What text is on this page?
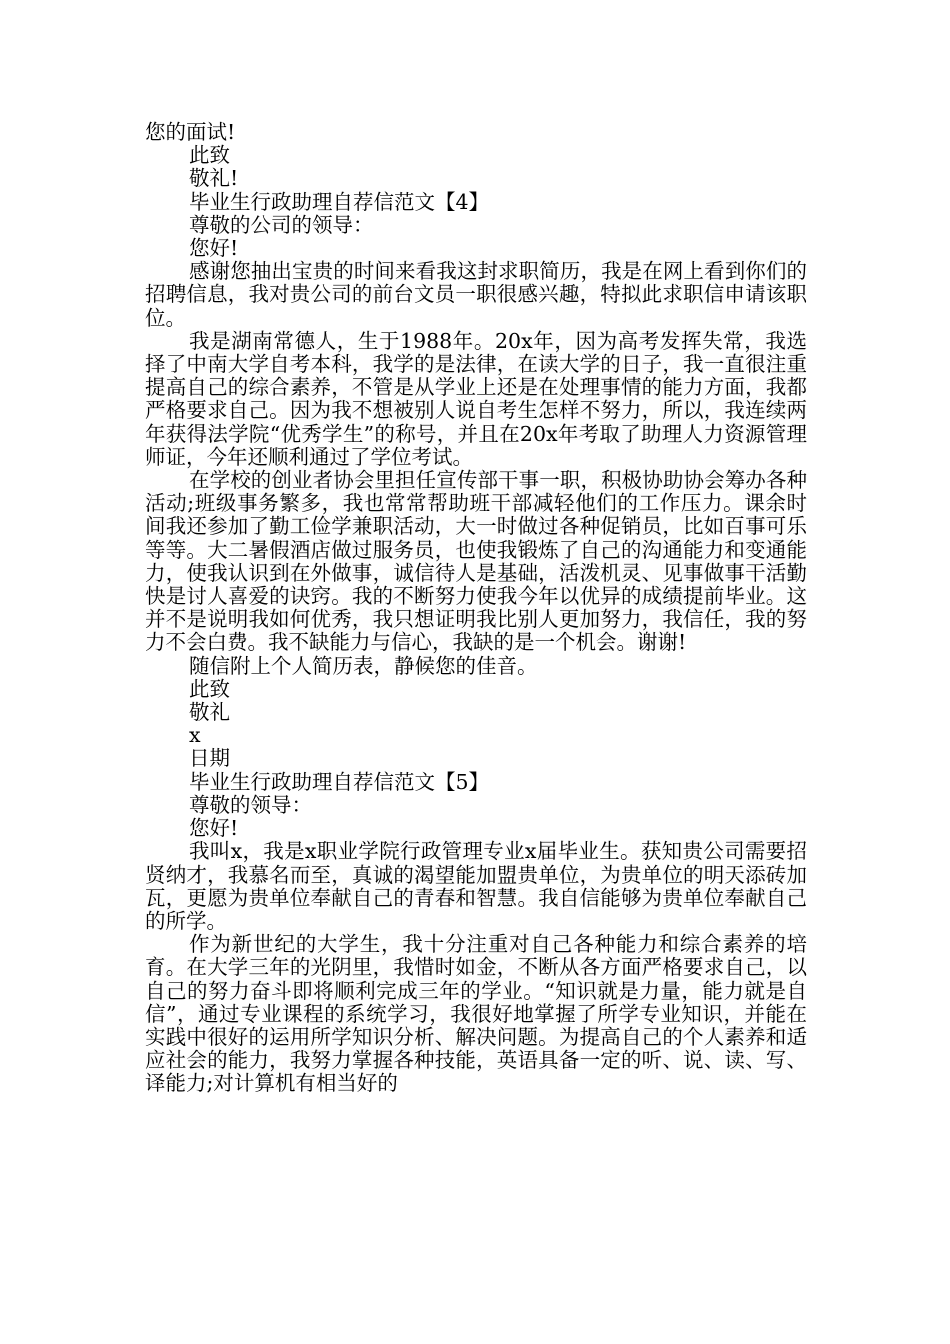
您的面试!

此致

敬礼!

毕业生行政助理自荐信范文【4】

尊敬的公司的领导：

您好!

感谢您抽出宝贵的时间来看我这封求职简历，我是在网上看到你们的招聘信息，我对贵公司的前台文员一职很感兴趣，特拟此求职信申请该职位。

我是湖南常德人，生于1988年。20x年，因为高考发挥失常，我选择了中南大学自考本科，我学的是法律，在读大学的日子，我一直很注重提高自己的综合素养，不管是从学业上还是在处理事情的能力方面，我都严格要求自己。因为我不想被别人说自考生怎样不努力，所以，我连续两年获得法学院“优秀学生”的称号，并且在20x年考取了助理人力资源管理师证，今年还顺利通过了学位考试。

在学校的创业者协会里担任宣传部干事一职，积极协助协会筹办各种活动;班级事务繁多，我也常常帮助班干部减轻他们的工作压力。课余时间我还参加了勤工俭学兼职活动，大一时做过各种促销员，比如百事可乐等等。大二暑假酒店做过服务员，也使我锻炼了自己的沟通能力和变通能力，使我认识到在外做事，诚信待人是基础，活泼机灵、见事做事干活勤快是讨人喜爱的诀窍。我的不断努力使我今年以优异的成绩提前毕业。这并不是说明我如何优秀，我只想证明我比别人更加努力，我信任，我的努力不会白费。我不缺能力与信心，我缺的是一个机会。谢谢!

随信附上个人简历表，静候您的佳音。

此致

敬礼

x

日期

毕业生行政助理自荐信范文【5】

尊敬的领导：

您好!

我叫x，我是x职业学院行政管理专业x届毕业生。获知贵公司需要招贤纳才，我慕名而至，真诚的渴望能加盟贵单位，为贵单位的明天添砖加瓦，更愿为贵单位奉献自己的青春和智慧。我自信能够为贵单位奉献自己的所学。

作为新世纪的大学生，我十分注重对自己各种能力和综合素养的培育。在大学三年的光阴里，我惜时如金，不断从各方面严格要求自己，以自己的努力奋斗即将顺利完成三年的学业。“知识就是力量，能力就是自信”，通过专业课程的系统学习，我很好地掌握了所学专业知识，并能在实践中很好的运用所学知识分析、解决问题。为提高自己的个人素养和适应社会的能力，我努力掌握各种技能，英语具备一定的听、说、读、写、译能力;对计算机有相当好的
